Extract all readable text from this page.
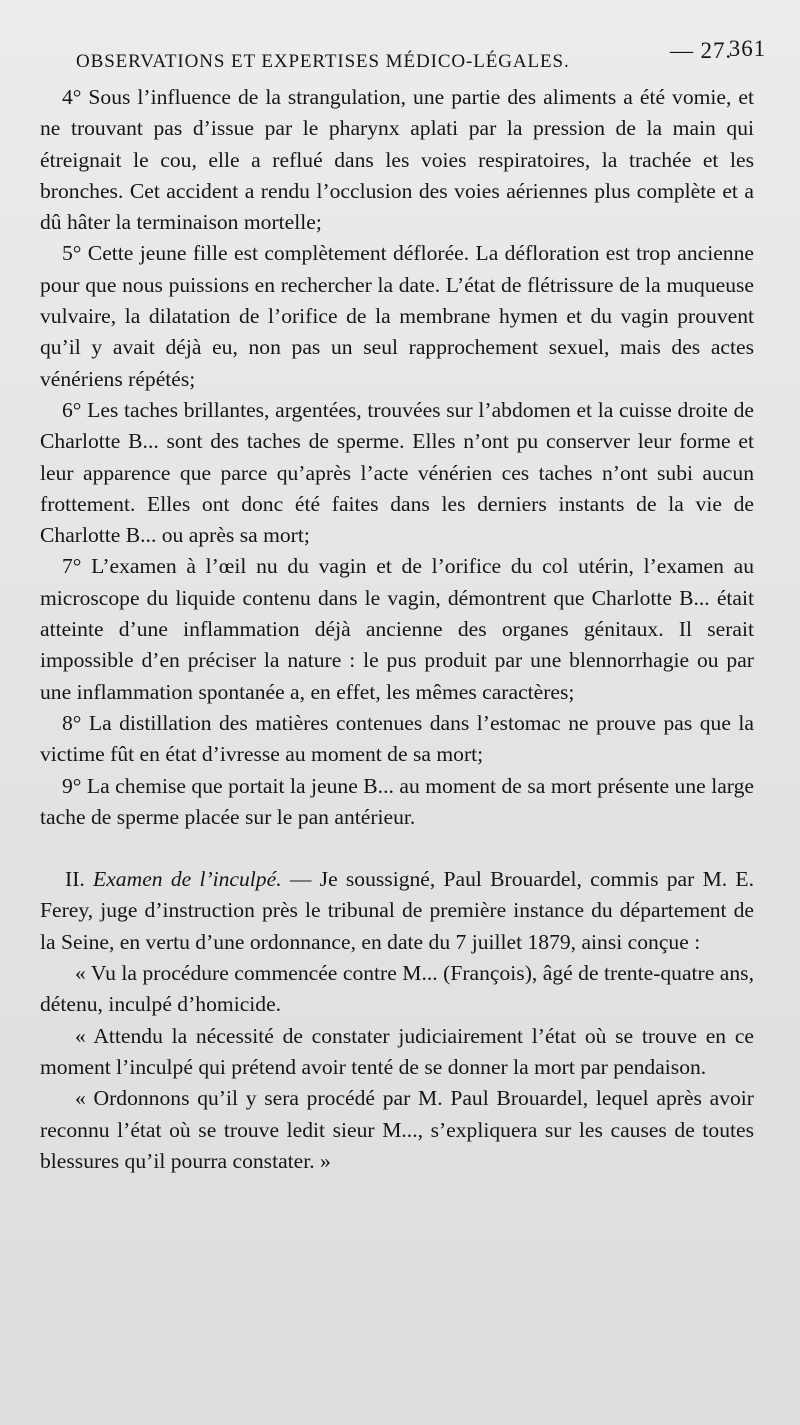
OBSERVATIONS ET EXPERTISES MÉDICO-LÉGALES.	— 27.
361

4° Sous l’influence de la strangulation, une partie des aliments a été vomie, et ne trouvant pas d’issue par le pharynx aplati par la pression de la main qui étreignait le cou, elle a reflué dans les voies respiratoires, la trachée et les bronches. Cet accident a rendu l’occlusion des voies aériennes plus complète et a dû hâter la terminaison mortelle;

5° Cette jeune fille est complètement déflorée. La défloration est trop ancienne pour que nous puissions en rechercher la date. L’état de flétrissure de la muqueuse vulvaire, la dilatation de l’orifice de la membrane hymen et du vagin prouvent qu’il y avait déjà eu, non pas un seul rapprochement sexuel, mais des actes vénériens répétés;

6° Les taches brillantes, argentées, trouvées sur l’abdomen et la cuisse droite de Charlotte B... sont des taches de sperme. Elles n’ont pu conserver leur forme et leur apparence que parce qu’après l’acte vénérien ces taches n’ont subi aucun frottement. Elles ont donc été faites dans les derniers instants de la vie de Charlotte B... ou après sa mort;

7° L’examen à l’œil nu du vagin et de l’orifice du col utérin, l’examen au microscope du liquide contenu dans le vagin, démontrent que Charlotte B... était atteinte d’une inflammation déjà ancienne des organes génitaux. Il serait impossible d’en préciser la nature : le pus produit par une blennorrhagie ou par une inflammation spontanée a, en effet, les mêmes caractères;

8° La distillation des matières contenues dans l’estomac ne prouve pas que la victime fût en état d’ivresse au moment de sa mort;

9° La chemise que portait la jeune B... au moment de sa mort présente une large tache de sperme placée sur le pan antérieur.

II. Examen de l’inculpé. — Je soussigné, Paul Brouardel, commis par M. E. Ferey, juge d’instruction près le tribunal de première instance du département de la Seine, en vertu d’une ordonnance, en date du 7 juillet 1879, ainsi conçue :

« Vu la procédure commencée contre M... (François), âgé de trente-quatre ans, détenu, inculpé d’homicide.

« Attendu la nécessité de constater judiciairement l’état où se trouve en ce moment l’inculpé qui prétend avoir tenté de se donner la mort par pendaison.

« Ordonnons qu’il y sera procédé par M. Paul Brouardel, lequel après avoir reconnu l’état où se trouve ledit sieur M..., s’expliquera sur les causes de toutes blessures qu’il pourra constater. »
